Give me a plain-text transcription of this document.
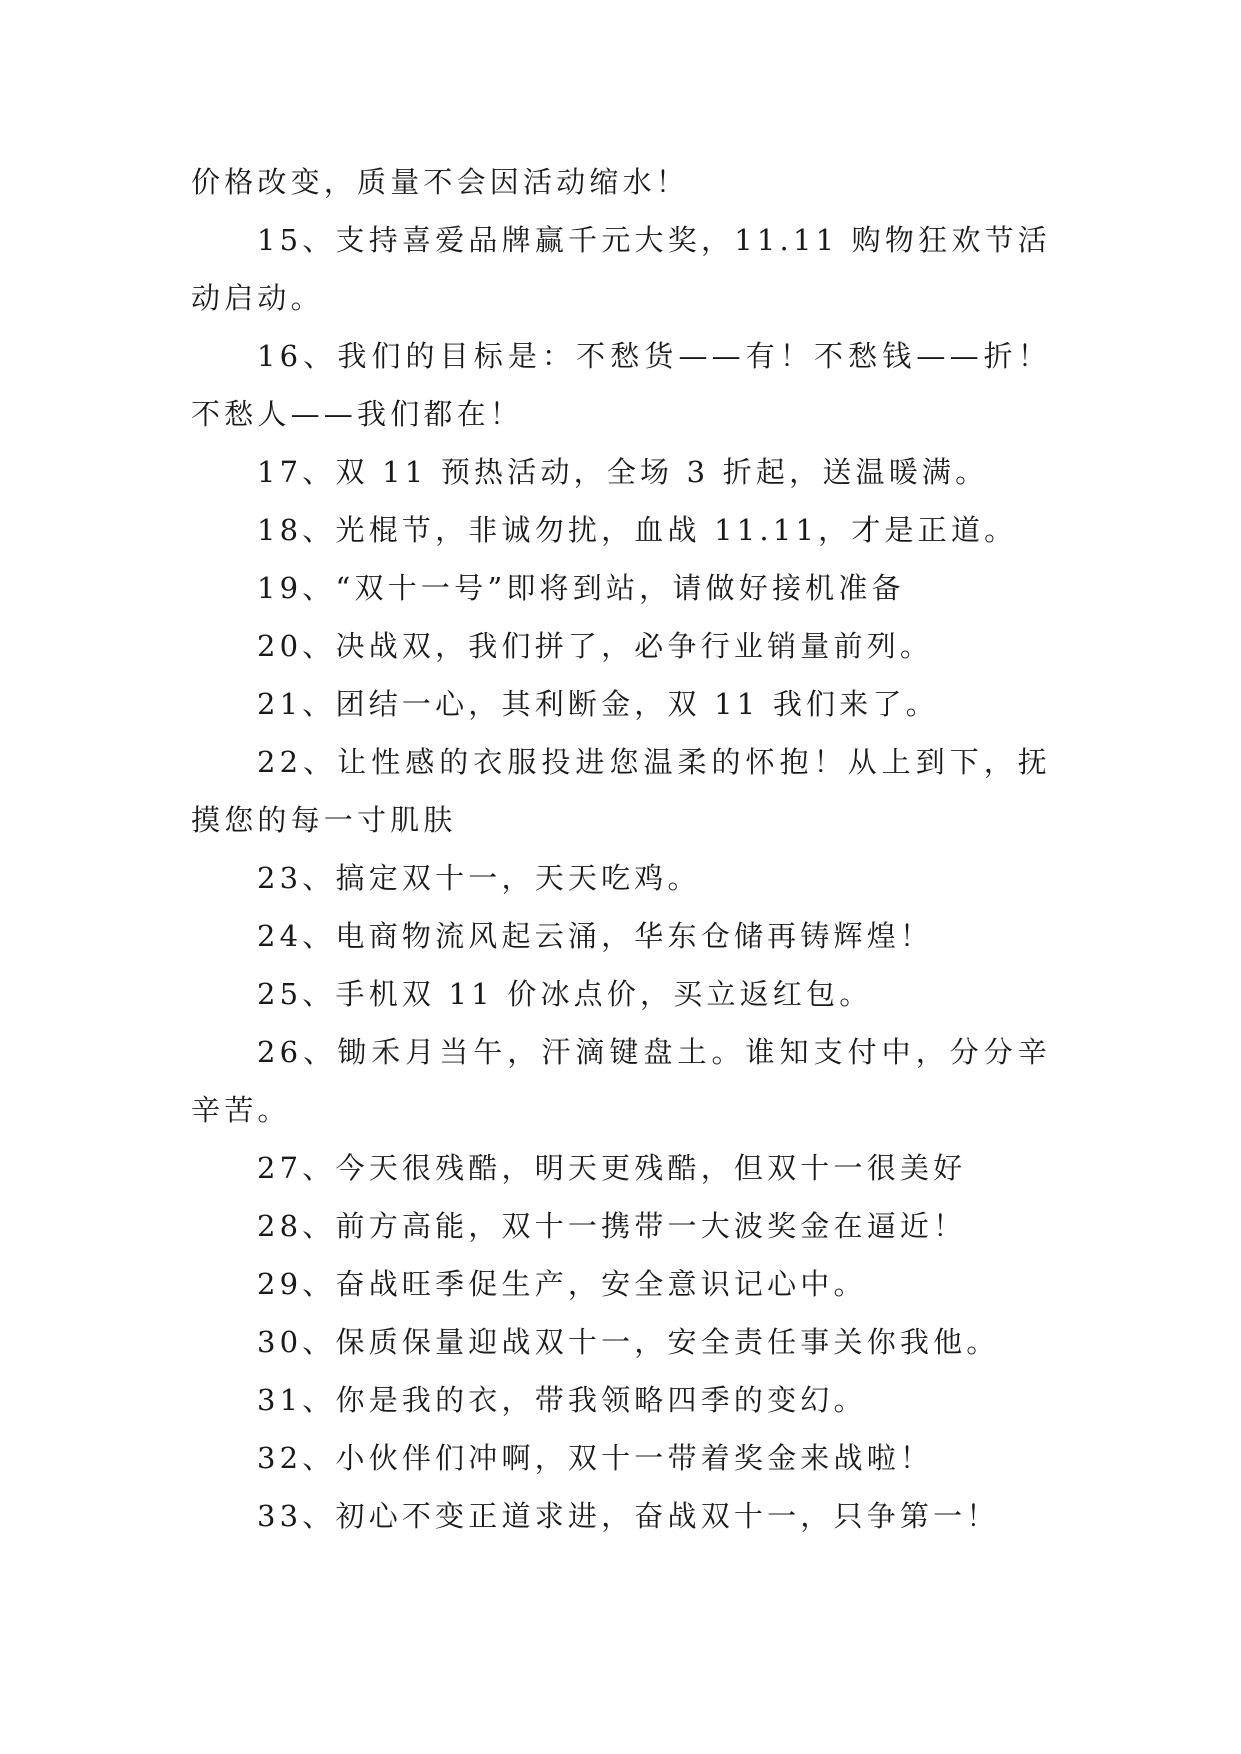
价格改变，质量不会因活动缩水！

15、支持喜爱品牌赢千元大奖，11.11 购物狂欢节活动启动。

16、我们的目标是：不愁货——有！不愁钱——折！不愁人——我们都在！

17、双 11 预热活动，全场 3 折起，送温暖满。

18、光棍节，非诚勿扰，血战 11.11，才是正道。

19、“双十一号”即将到站，请做好接机准备

20、决战双，我们拼了，必争行业销量前列。

21、团结一心，其利断金，双 11 我们来了。

22、让性感的衣服投进您温柔的怀抱！从上到下，抚摸您的每一寸肌肤

23、搞定双十一，天天吃鸡。

24、电商物流风起云涌，华东仓储再铸辉煌！

25、手机双 11 价冰点价，买立返红包。

26、锄禾月当午，汗滴键盘土。谁知支付中，分分辛辛苦。

27、今天很残酷，明天更残酷，但双十一很美好

28、前方高能，双十一携带一大波奖金在逼近！

29、奋战旺季促生产，安全意识记心中。

30、保质保量迎战双十一，安全责任事关你我他。

31、你是我的衣，带我领略四季的变幻。

32、小伙伴们冲啊，双十一带着奖金来战啦！

33、初心不变正道求进，奋战双十一，只争第一！
